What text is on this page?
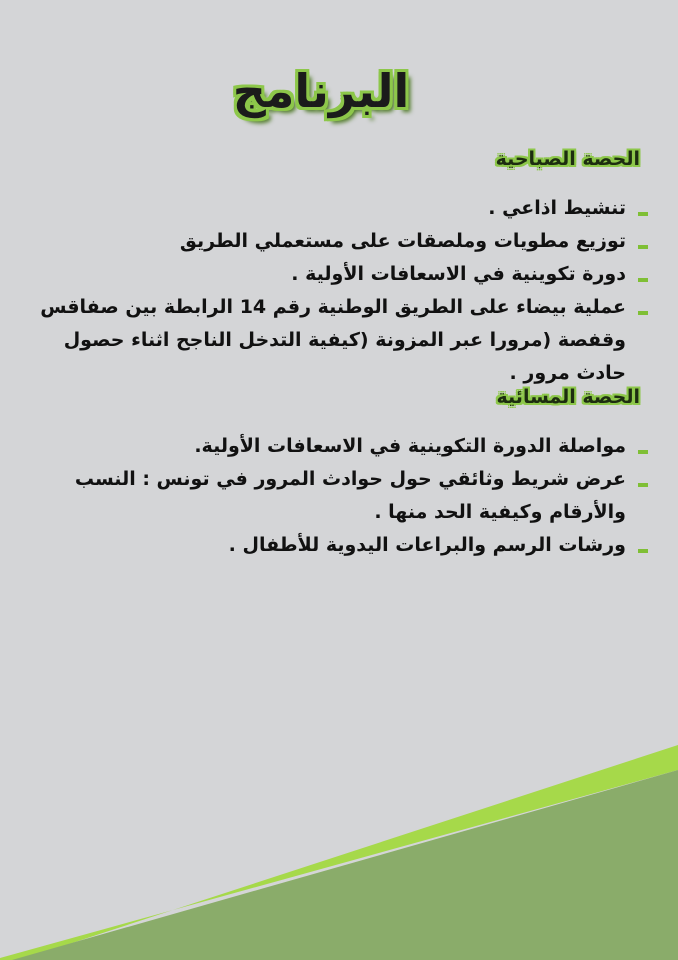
البرنامج
الحصة الصباحية
تنشيط اذاعي .
توزيع مطويات وملصقات على مستعملي الطريق
دورة تكوينية في الاسعافات الأولية .
عملية بيضاء على الطريق الوطنية رقم 14 الرابطة بين صفاقس وقفصة (مرورا عبر المزونة (كيفية التدخل الناجح اثناء حصول حادث مرور .
الحصة المسائية
مواصلة الدورة التكوينية في الاسعافات الأولية.
عرض شريط وثائقي حول حوادث المرور في تونس : النسب والأرقام وكيفية الحد منها .
ورشات الرسم والبراعات اليدوية للأطفال .
